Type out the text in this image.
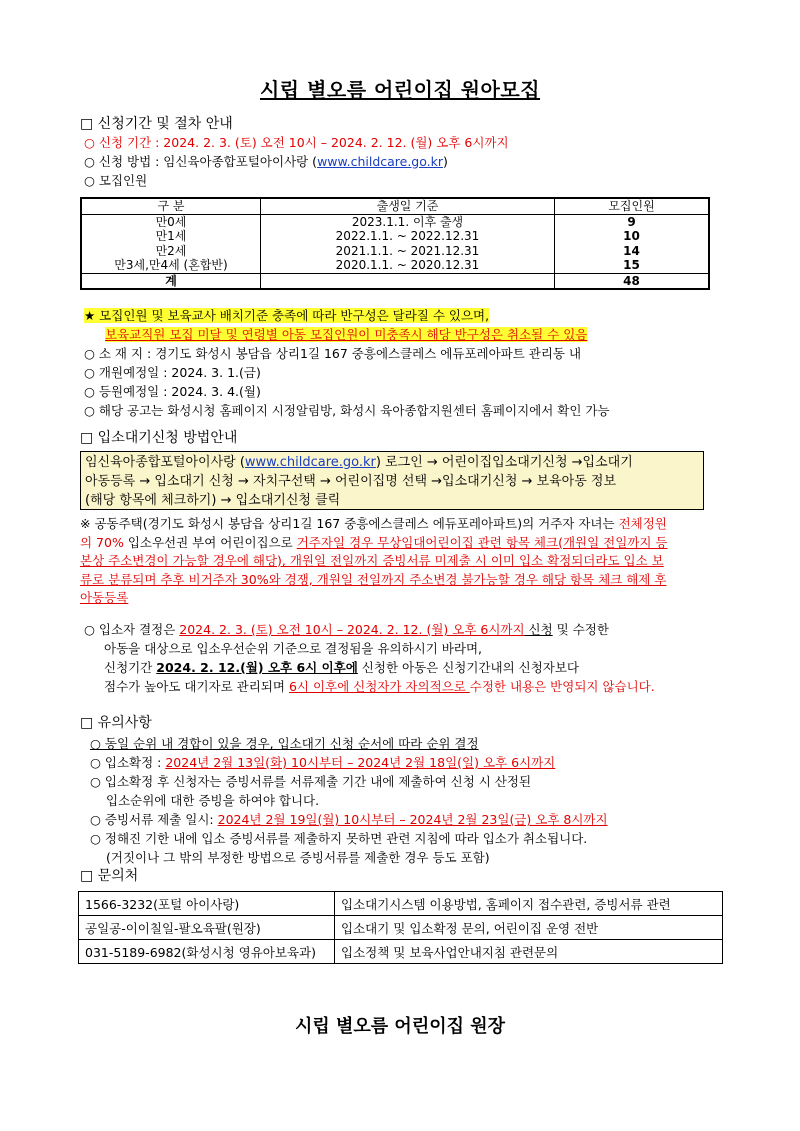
시립 별오름 어린이집 원아모집
□ 신청기간 및 절차 안내
○ 신청 기간 : 2024. 2. 3. (토) 오전 10시 – 2024. 2. 12. (월) 오후 6시까지
○ 신청 방법 : 임신육아종합포털아이사랑 (www.childcare.go.kr)
○ 모집인원
구 분	출생일 기준	모집인원
만0세	2023.1.1. 이후 출생	9
만1세	2022.1.1. ~ 2022.12.31	10
만2세	2021.1.1. ~ 2021.12.31	14
만3세,만4세 (혼합반)	2020.1.1. ~ 2020.12.31	15
계		48
★ 모집인원 및 보육교사 배치기준 충족에 따라 반구성은 달라질 수 있으며,
보육교직원 모집 미달 및 연령별 아동 모집인원이 미충족시 해당 반구성은 취소될 수 있음
○ 소 재 지 : 경기도 화성시 봉담읍 상리1길 167 중흥에스클레스 에듀포레아파트 관리동 내
○ 개원예정일 : 2024. 3. 1.(금)
○ 등원예정일 : 2024. 3. 4.(월)
○ 해당 공고는 화성시청 홈페이지 시정알림방, 화성시 육아종합지원센터 홈페이지에서 확인 가능
□ 입소대기신청 방법안내
임신육아종합포털아이사랑 (www.childcare.go.kr) 로그인 → 어린이집입소대기신청 →입소대기
아동등록 → 입소대기 신청 → 자치구선택 → 어린이집명 선택 →입소대기신청 → 보육아동 정보
(해당 항목에 체크하기) → 입소대기신청 클릭
※ 공동주택(경기도 화성시 봉담읍 상리1길 167 중흥에스클레스 에듀포레아파트)의 거주자 자녀는 전체정원
의 70% 입소우선권 부여 어린이집으로 거주자일 경우 무상임대어린이집 관련 항목 체크(개원일 전일까지 등
본상 주소변경이 가능할 경우에 해당), 개원일 전일까지 증빙서류 미제출 시 이미 입소 확정되더라도 입소 보
류로 분류되며 추후 비거주자 30%와 경쟁, 개원일 전일까지 주소변경 불가능할 경우 해당 항목 체크 해제 후
아동등록
○ 입소자 결정은 2024. 2. 3. (토) 오전 10시 – 2024. 2. 12. (월) 오후 6시까지 신청 및 수정한
아동을 대상으로 입소우선순위 기준으로 결정됨을 유의하시기 바라며,
신청기간 2024. 2. 12.(월) 오후 6시 이후에 신청한 아동은 신청기간내의 신청자보다
점수가 높아도 대기자로 관리되며 6시 이후에 신청자가 자의적으로 수정한 내용은 반영되지 않습니다.
□ 유의사항
○ 동일 순위 내 경합이 있을 경우, 입소대기 신청 순서에 따라 순위 결정
○ 입소확정 : 2024년 2월 13일(화) 10시부터 – 2024년 2월 18일(일) 오후 6시까지
○ 입소확정 후 신청자는 증빙서류를 서류제출 기간 내에 제출하여 신청 시 산정된
입소순위에 대한 증빙을 하여야 합니다.
○ 증빙서류 제출 일시: 2024년 2월 19일(월) 10시부터 – 2024년 2월 23일(금) 오후 8시까지
○ 정해진 기한 내에 입소 증빙서류를 제출하지 못하면 관련 지침에 따라 입소가 취소됩니다.
(거짓이나 그 밖의 부정한 방법으로 증빙서류를 제출한 경우 등도 포함)
□ 문의처
1566-3232(포털 아이사랑)	입소대기시스템 이용방법, 홈페이지 접수관련, 증빙서류 관련
공일공-이이칠일-팔오육팔(원장)	입소대기 및 입소확정 문의, 어린이집 운영 전반
031-5189-6982(화성시청 영유아보육과)	입소정책 및 보육사업안내지침 관련문의
시립 별오름 어린이집 원장
